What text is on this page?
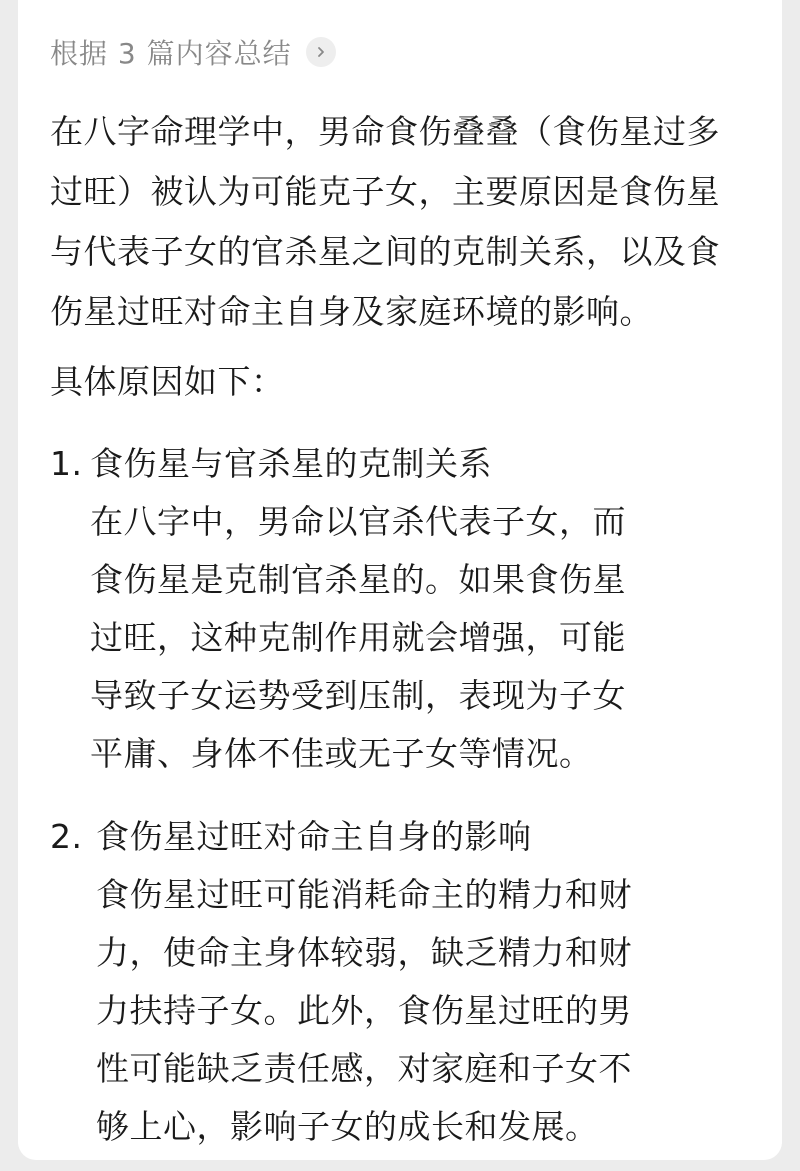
根据 3 篇内容总结

在八字命理学中，男命食伤叠叠（食伤星过多过旺）被认为可能克子女，主要原因是食伤星与代表子女的官杀星之间的克制关系，以及食伤星过旺对命主自身及家庭环境的影响。

具体原因如下：

1. 食伤星与官杀星的克制关系
在八字中，男命以官杀代表子女，而食伤星是克制官杀星的。如果食伤星过旺，这种克制作用就会增强，可能导致子女运势受到压制，表现为子女平庸、身体不佳或无子女等情况。
2. 食伤星过旺对命主自身的影响
食伤星过旺可能消耗命主的精力和财力，使命主身体较弱，缺乏精力和财力扶持子女。此外，食伤星过旺的男性可能缺乏责任感，对家庭和子女不够上心，影响子女的成长和发展。
